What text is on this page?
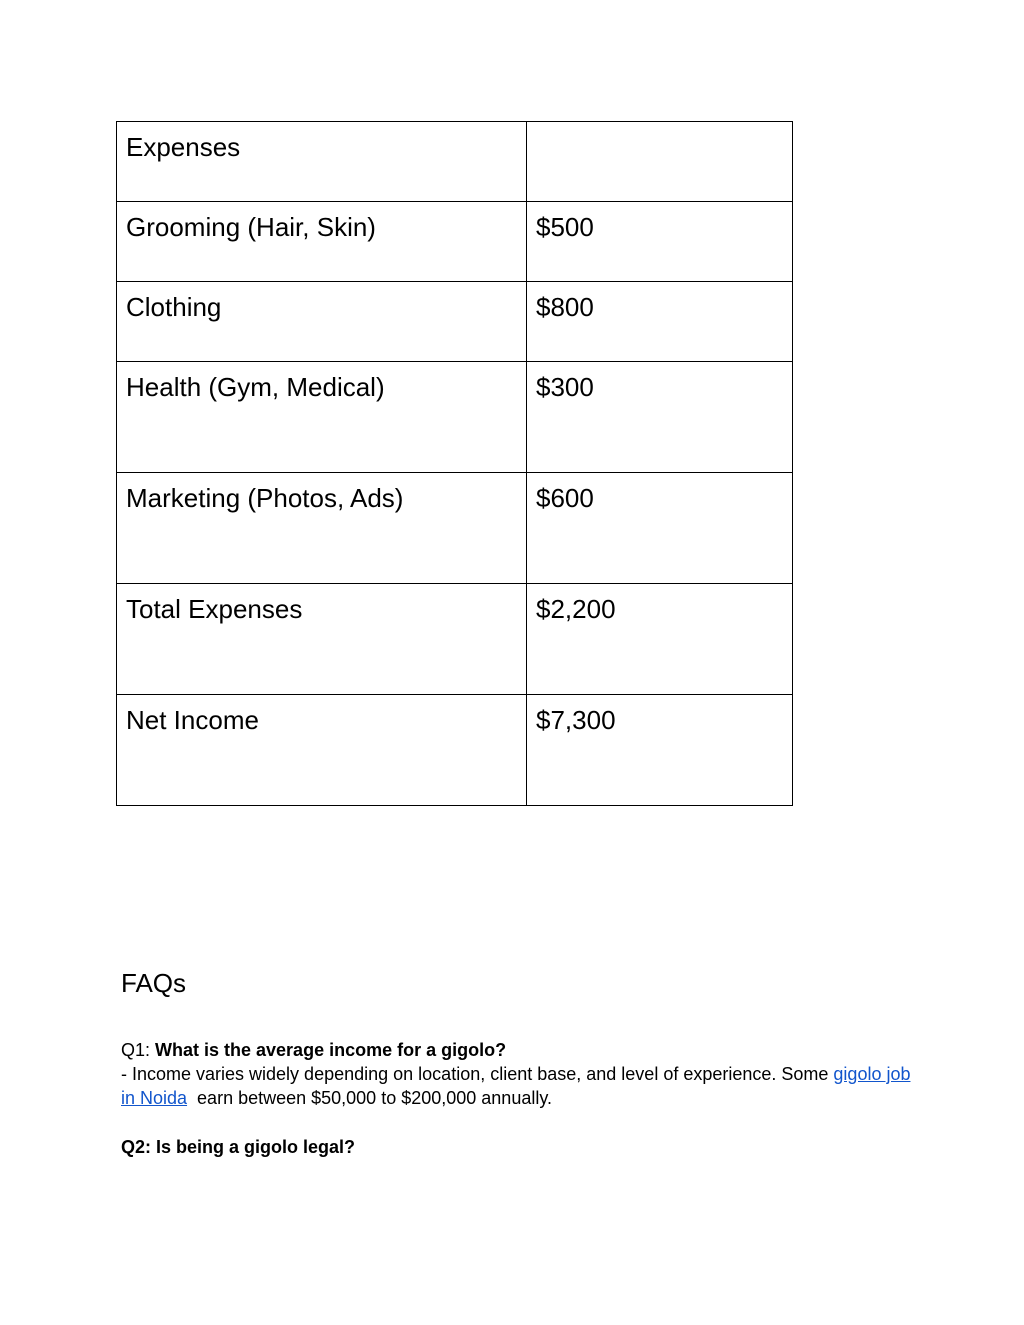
Expenses	
Grooming (Hair, Skin)	$500
Clothing	$800
Health (Gym, Medical)	$300
Marketing (Photos, Ads)	$600
Total Expenses	$2,200
Net Income	$7,300
FAQs
Q1: What is the average income for a gigolo?
- Income varies widely depending on location, client base, and level of experience. Some gigolo job in Noida  earn between $50,000 to $200,000 annually.
Q2: Is being a gigolo legal?
